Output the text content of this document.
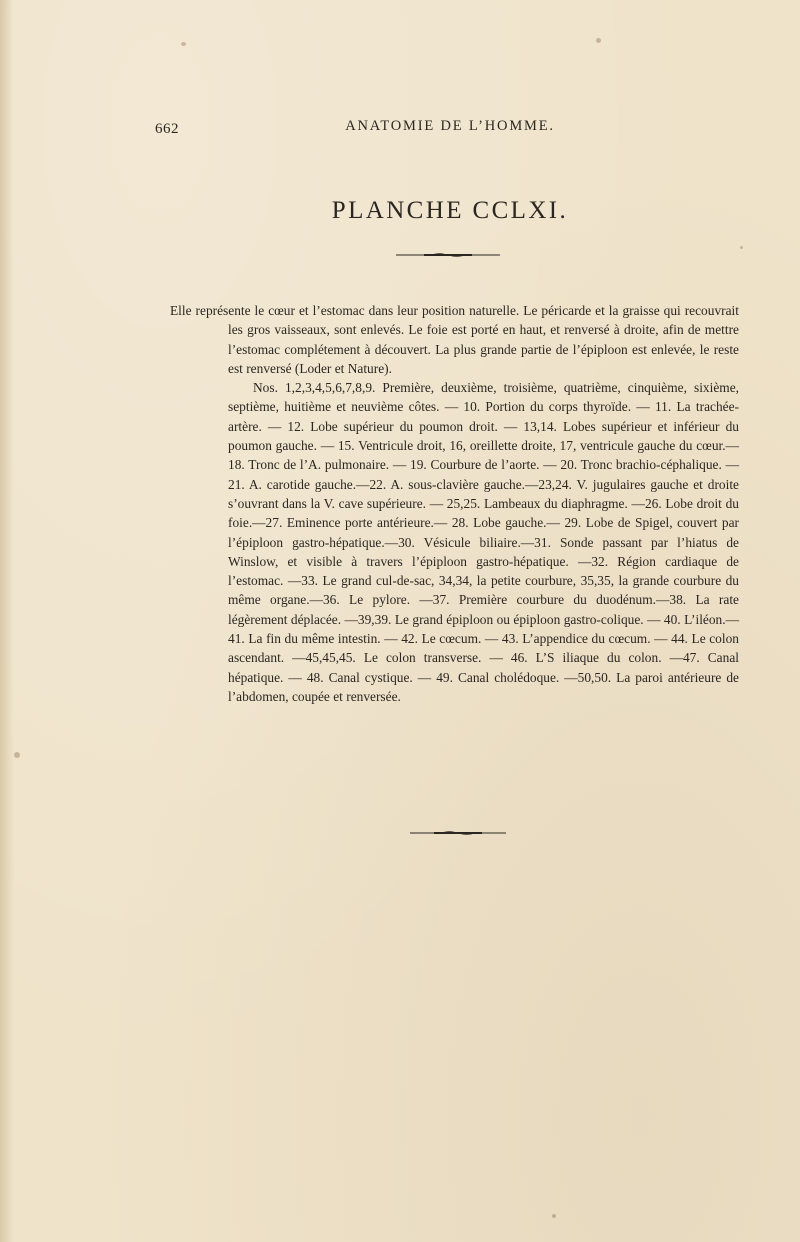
662	ANATOMIE DE L’HOMME.
PLANCHE CCLXI.

Elle représente le cœur et l’estomac dans leur position naturelle. Le péricarde et la graisse qui recouvrait les gros vaisseaux, sont enlevés. Le foie est porté en haut, et renversé à droite, afin de mettre l’estomac complétement à découvert. La plus grande partie de l’épiploon est enlevée, le reste est renversé (Loder et Nature).

Nos. 1,2,3,4,5,6,7,8,9. Première, deuxième, troisième, quatrième, cinquième, sixième, septième, huitième et neuvième côtes. — 10. Portion du corps thyroïde. — 11. La trachée-artère. — 12. Lobe supérieur du poumon droit. — 13,14. Lobes supérieur et inférieur du poumon gauche. — 15. Ventricule droit, 16, oreillette droite, 17, ventricule gauche du cœur.—18. Tronc de l’A. pulmonaire. — 19. Courbure de l’aorte. — 20. Tronc brachio-céphalique. — 21. A. carotide gauche.—22. A. sous-clavière gauche.—23,24. V. jugulaires gauche et droite s’ouvrant dans la V. cave supérieure. — 25,25. Lambeaux du diaphragme. —26. Lobe droit du foie.—27. Eminence porte antérieure.— 28. Lobe gauche.— 29. Lobe de Spigel, couvert par l’épiploon gastro-hépatique.—30. Vésicule biliaire.—31. Sonde passant par l’hiatus de Winslow, et visible à travers l’épiploon gastro-hépatique. —32. Région cardiaque de l’estomac. —33. Le grand cul-de-sac, 34,34, la petite courbure, 35,35, la grande courbure du même organe.—36. Le pylore. —37. Première courbure du duodénum.—38. La rate légèrement déplacée. —39,39. Le grand épiploon ou épiploon gastro-colique. — 40. L’iléon.—41. La fin du même intestin. — 42. Le cœcum. — 43. L’appendice du cœcum. — 44. Le colon ascendant. —45,45,45. Le colon transverse. — 46. L’S iliaque du colon. —47. Canal hépatique. — 48. Canal cystique. — 49. Canal cholédoque. —50,50. La paroi antérieure de l’abdomen, coupée et renversée.
